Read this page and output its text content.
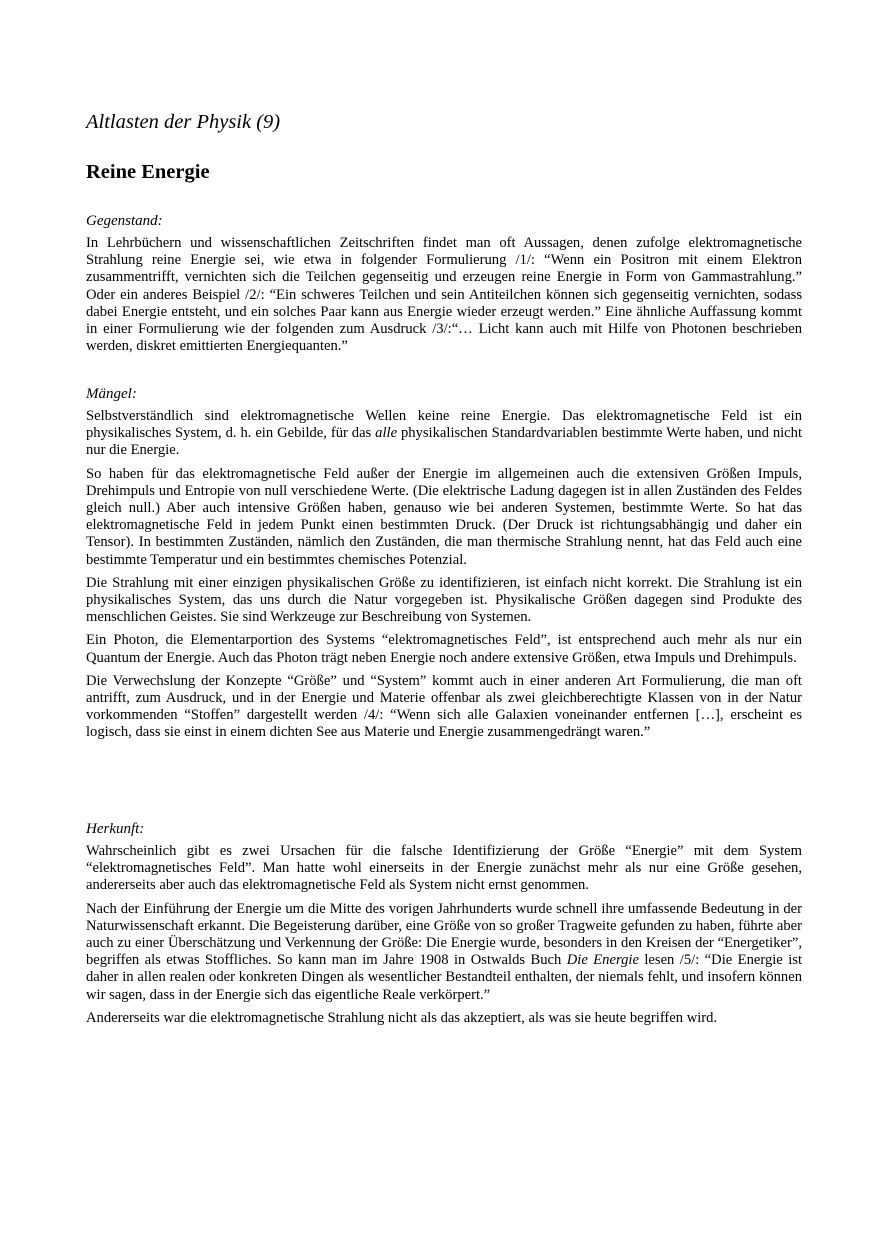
Altlasten der Physik (9)
Reine Energie
Gegenstand:

In Lehrbüchern und wissenschaftlichen Zeitschriften findet man oft Aussagen, denen zufolge elektromagnetische Strahlung reine Energie sei, wie etwa in folgender Formulierung /1/: “Wenn ein Positron mit einem Elektron zusammentrifft, vernichten sich die Teilchen gegenseitig und erzeugen reine Energie in Form von Gammastrahlung.” Oder ein anderes Beispiel /2/: “Ein schweres Teilchen und sein Antiteilchen können sich gegenseitig vernichten, sodass dabei Energie entsteht, und ein solches Paar kann aus Energie wieder erzeugt werden.” Eine ähnliche Auffassung kommt in einer Formulierung wie der folgenden zum Ausdruck /3/:“… Licht kann auch mit Hilfe von Photonen beschrieben werden, diskret emittierten Energiequanten.”

Mängel:

Selbstverständlich sind elektromagnetische Wellen keine reine Energie. Das elektromagnetische Feld ist ein physikalisches System, d. h. ein Gebilde, für das alle physikalischen Standardvariablen bestimmte Werte haben, und nicht nur die Energie.

So haben für das elektromagnetische Feld außer der Energie im allgemeinen auch die extensiven Größen Impuls, Drehimpuls und Entropie von null verschiedene Werte. (Die elektrische Ladung dagegen ist in allen Zuständen des Feldes gleich null.) Aber auch intensive Größen haben, genauso wie bei anderen Systemen, bestimmte Werte. So hat das elektromagnetische Feld in jedem Punkt einen bestimmten Druck. (Der Druck ist richtungsabhängig und daher ein Tensor). In bestimmten Zuständen, nämlich den Zuständen, die man thermische Strahlung nennt, hat das Feld auch eine bestimmte Temperatur und ein bestimmtes chemisches Potenzial.

Die Strahlung mit einer einzigen physikalischen Größe zu identifizieren, ist einfach nicht korrekt. Die Strahlung ist ein physikalisches System, das uns durch die Natur vorgegeben ist. Physikalische Größen dagegen sind Produkte des menschlichen Geistes. Sie sind Werkzeuge zur Beschreibung von Systemen.

Ein Photon, die Elementarportion des Systems “elektromagnetisches Feld”, ist entsprechend auch mehr als nur ein Quantum der Energie. Auch das Photon trägt neben Energie noch andere extensive Größen, etwa Impuls und Drehimpuls.

Die Verwechslung der Konzepte “Größe” und “System” kommt auch in einer anderen Art Formulierung, die man oft antrifft, zum Ausdruck, und in der Energie und Materie offenbar als zwei gleichberechtigte Klassen von in der Natur vorkommenden “Stoffen” dargestellt werden /4/: “Wenn sich alle Galaxien voneinander entfernen […], erscheint es logisch, dass sie einst in einem dichten See aus Materie und Energie zusammengedrängt waren.”

Herkunft:

Wahrscheinlich gibt es zwei Ursachen für die falsche Identifizierung der Größe “Energie” mit dem System “elektromagnetisches Feld”. Man hatte wohl einerseits in der Energie zunächst mehr als nur eine Größe gesehen, andererseits aber auch das elektromagnetische Feld als System nicht ernst genommen.

Nach der Einführung der Energie um die Mitte des vorigen Jahrhunderts wurde schnell ihre umfassende Bedeutung in der Naturwissenschaft erkannt. Die Begeisterung darüber, eine Größe von so großer Tragweite gefunden zu haben, führte aber auch zu einer Überschätzung und Verkennung der Größe: Die Energie wurde, besonders in den Kreisen der “Energetiker”, begriffen als etwas Stoffliches. So kann man im Jahre 1908 in Ostwalds Buch Die Energie lesen /5/: “Die Energie ist daher in allen realen oder konkreten Dingen als wesentlicher Bestandteil enthalten, der niemals fehlt, und insofern können wir sagen, dass in der Energie sich das eigentliche Reale verkörpert.”

Andererseits war die elektromagnetische Strahlung nicht als das akzeptiert, als was sie heute begriffen wird.
